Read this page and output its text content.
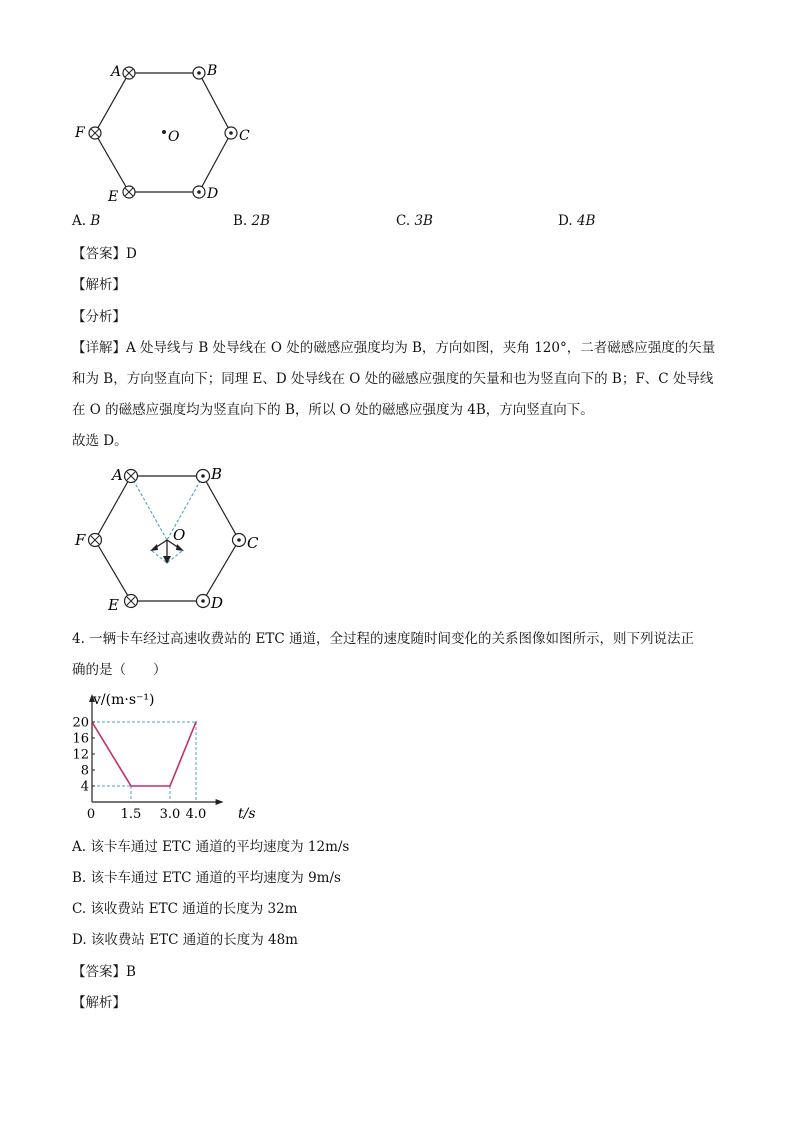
A	B
C
D
E
F	O
A. B	B. 2B	C. 3B	D. 4B
【答案】D
【解析】
【分析】
【详解】A 处导线与 B 处导线在 O 处的磁感应强度均为 B，方向如图，夹角 120°，二者磁感应强度的矢量
和为 B，方向竖直向下；同理 E、D 处导线在 O 处的磁感应强度的矢量和也为竖直向下的 B；F、C 处导线
在 O 的磁感应强度均为竖直向下的 B，所以 O 处的磁感应强度为 4B，方向竖直向下。
故选 D。
A	B
C
D
E
F	O
4. 一辆卡车经过高速收费站的 ETC 通道，全过程的速度随时间变化的关系图像如图所示，则下列说法正
确的是（　　）
20
16
12
8
4
0 1.5 3.0 4.0
v/(m·s⁻¹)
t/s
A. 该卡车通过 ETC 通道的平均速度为 12m/s
B. 该卡车通过 ETC 通道的平均速度为 9m/s
C. 该收费站 ETC 通道的长度为 32m
D. 该收费站 ETC 通道的长度为 48m
【答案】B
【解析】
